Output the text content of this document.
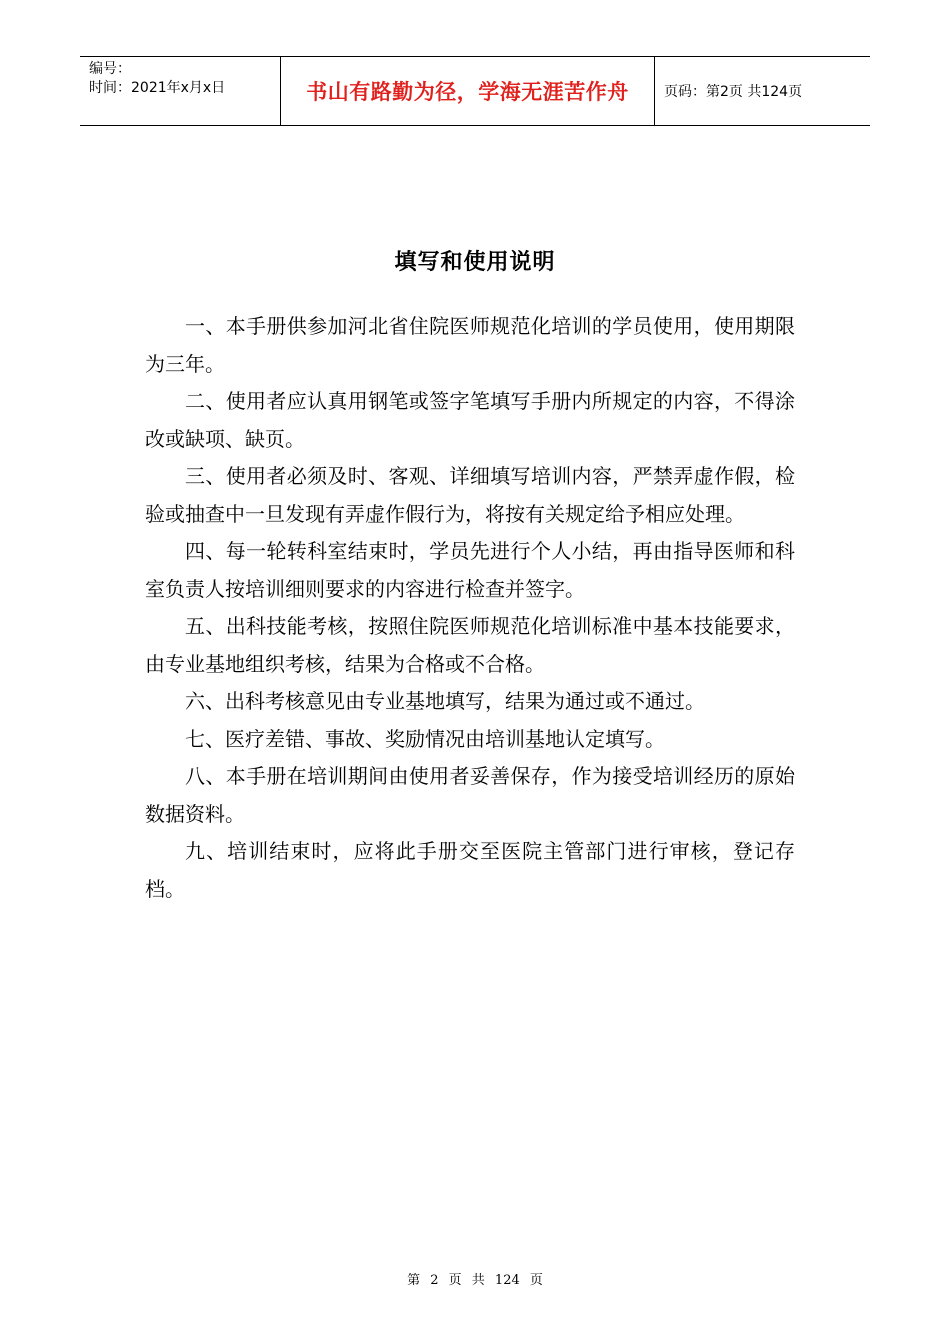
编号：
时间：2021年x月x日	书山有路勤为径，学海无涯苦作舟	页码：第2页 共124页
填写和使用说明

一、本手册供参加河北省住院医师规范化培训的学员使用，使用期限为三年。

二、使用者应认真用钢笔或签字笔填写手册内所规定的内容，不得涂改或缺项、缺页。

三、使用者必须及时、客观、详细填写培训内容，严禁弄虚作假，检验或抽查中一旦发现有弄虚作假行为，将按有关规定给予相应处理。

四、每一轮转科室结束时，学员先进行个人小结，再由指导医师和科室负责人按培训细则要求的内容进行检查并签字。

五、出科技能考核，按照住院医师规范化培训标准中基本技能要求，由专业基地组织考核，结果为合格或不合格。

六、出科考核意见由专业基地填写，结果为通过或不通过。

七、医疗差错、事故、奖励情况由培训基地认定填写。

八、本手册在培训期间由使用者妥善保存，作为接受培训经历的原始数据资料。

九、培训结束时，应将此手册交至医院主管部门进行审核，登记存档。

第 2 页 共 124 页
